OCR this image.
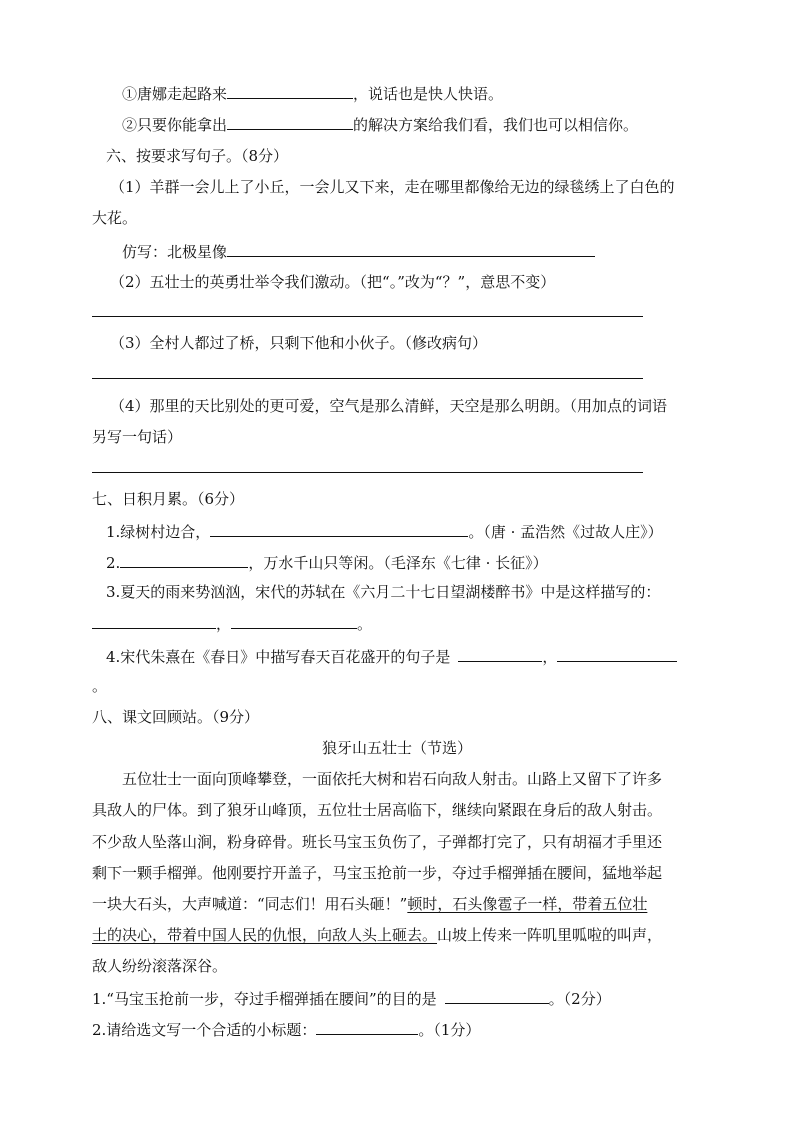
①唐娜走起路来	，说话也是快人快语。
②只要你能拿出	的解决方案给我们看，我们也可以相信你。
六、按要求写句子。（8分）
（1）羊群一会儿上了小丘，一会儿又下来，走在哪里都像给无边的绿毯绣上了白色的
大花。
仿写：北极星像
（2）五壮士的英勇壮举令我们激动。（把“。”改为“？”，意思不变）
（3）全村人都过了桥，只剩下他和小伙子。（修改病句）
（4）那里的天比别处的更可爱，空气是那么清鲜，天空是那么明朗。（用加点的词语
另写一句话）
七、日积月累。（6分）
1.绿树村边合，	。（唐 · 孟浩然《过故人庄》）
2.	，万水千山只等闲。（毛泽东《七律 · 长征》）
3.夏天的雨来势汹汹，宋代的苏轼在《六月二十七日望湖楼醉书》中是这样描写的：
，	。
4.宋代朱熹在《春日》中描写春天百花盛开的句子是	，
。
八、课文回顾站。（9分）
狼牙山五壮士（节选）
五位壮士一面向顶峰攀登，一面依托大树和岩石向敌人射击。山路上又留下了许多
具敌人的尸体。到了狼牙山峰顶，五位壮士居高临下，继续向紧跟在身后的敌人射击。
不少敌人坠落山涧，粉身碎骨。班长马宝玉负伤了，子弹都打完了，只有胡福才手里还
剩下一颗手榴弹。他刚要拧开盖子，马宝玉抢前一步，夺过手榴弹插在腰间，猛地举起
一块大石头，大声喊道：“同志们！用石头砸！”顿时，石头像雹子一样，带着五位壮
士的决心，带着中国人民的仇恨，向敌人头上砸去。山坡上传来一阵叽里呱啦的叫声，
敌人纷纷滚落深谷。
1.“马宝玉抢前一步，夺过手榴弹插在腰间”的目的是	。（2分）
2.请给选文写一个合适的小标题：	。（1分）
